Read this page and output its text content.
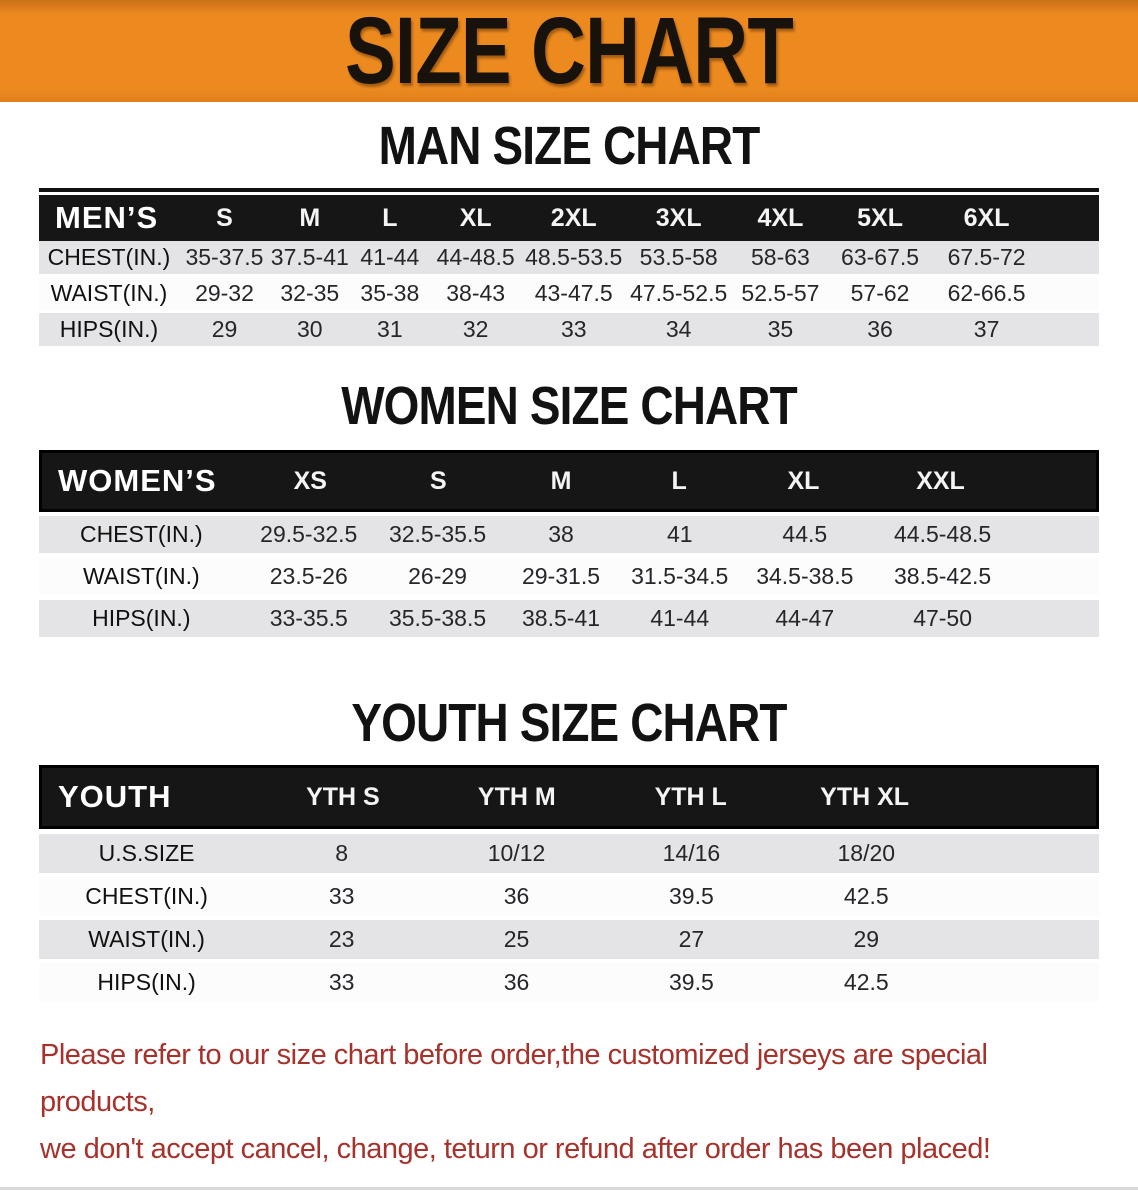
SIZE CHART
MAN SIZE CHART
MEN’S	S	M	L	XL	2XL	3XL	4XL	5XL	6XL
CHEST(IN.) 35-37.5 37.5-41 41-44 44-48.5 48.5-53.5 53.5-58	58-63	63-67.5	67.5-72
WAIST(IN.)	29-32	32-35 35-38	38-43	43-47.5 47.5-52.5 52.5-57	57-62	62-66.5
HIPS(IN.)	29	30	31	32	33	34	35	36	37
WOMEN SIZE CHART
WOMEN’S	XS	S	M	L	XL	XXL
CHEST(IN.)	29.5-32.5	32.5-35.5	38	41	44.5	44.5-48.5
WAIST(IN.)	23.5-26	26-29	29-31.5	31.5-34.5	34.5-38.5	38.5-42.5
HIPS(IN.)	33-35.5	35.5-38.5	38.5-41	41-44	44-47	47-50
YOUTH SIZE CHART
YOUTH	YTH S	YTH M	YTH L	YTH XL
U.S.SIZE	8	10/12	14/16	18/20
CHEST(IN.)	33	36	39.5	42.5
WAIST(IN.)	23	25	27	29
HIPS(IN.)	33	36	39.5	42.5
Please refer to our size chart before order,the customized jerseys are special products,
we don't accept cancel, change, teturn or refund after order has been placed!
